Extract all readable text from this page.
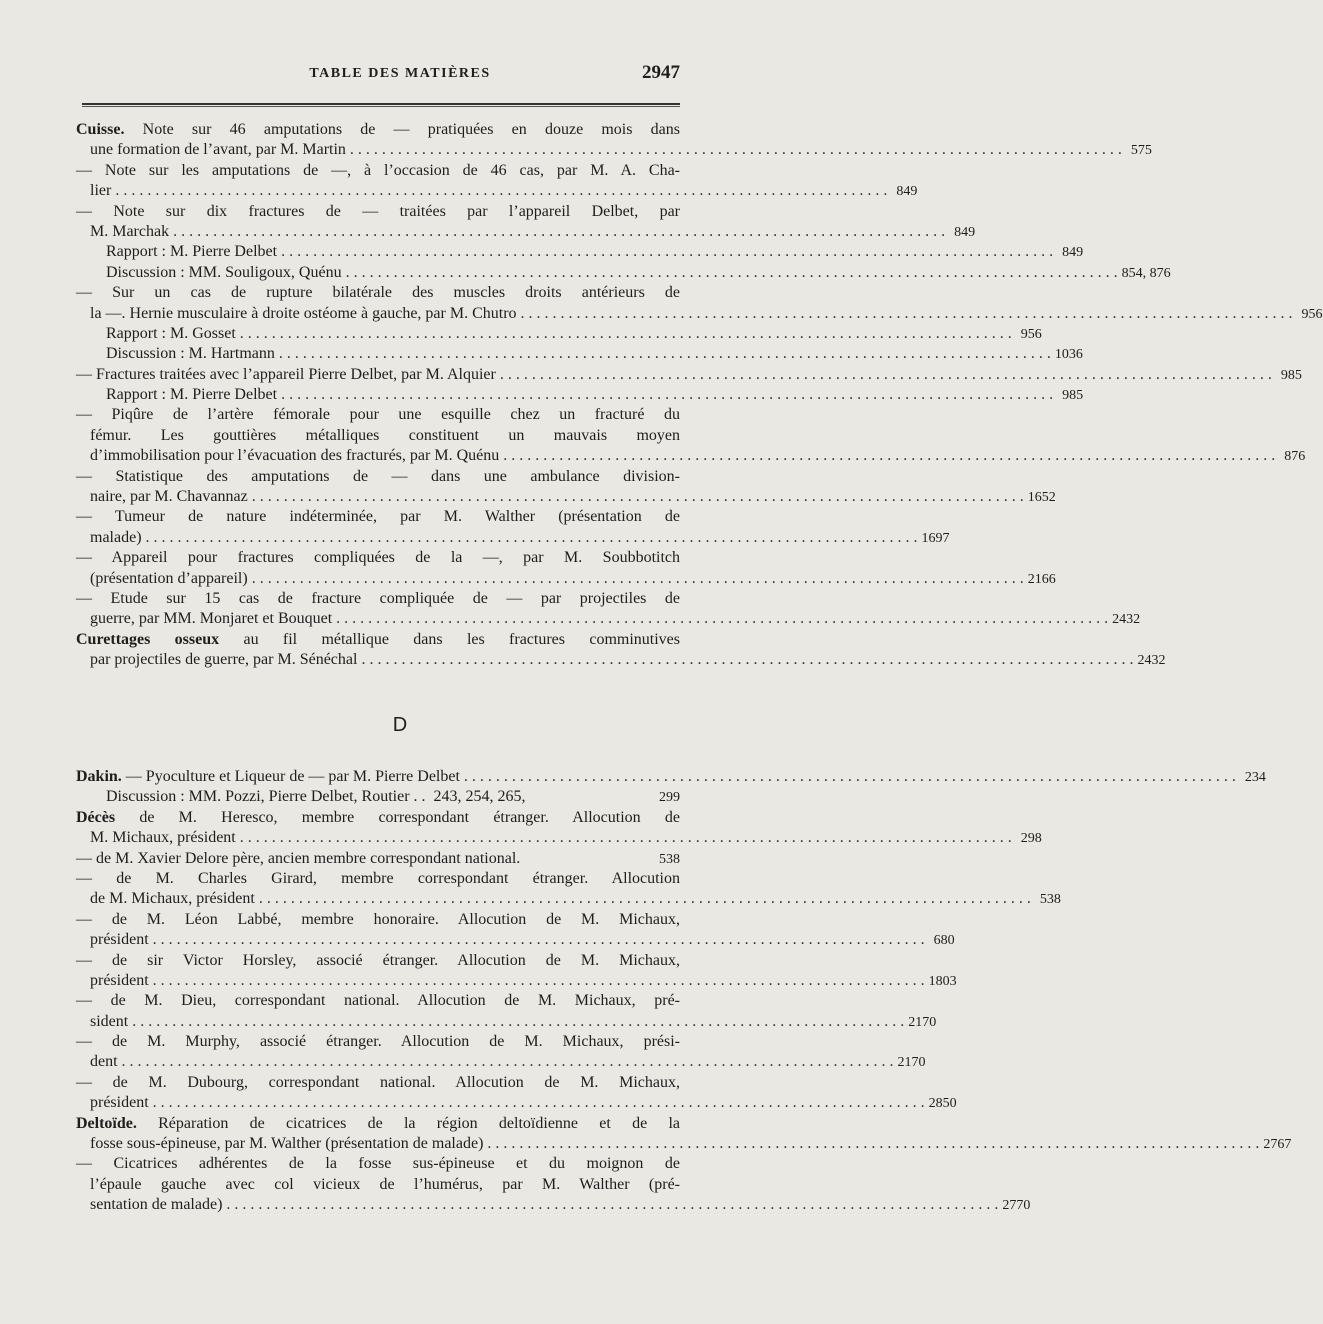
TABLE DES MATIÈRES	2947
Cuisse. Note sur 46 amputations de — pratiquées en douze mois dans
une formation de l’avant, par M. Martin . . .	575
— Note sur les amputations de —, à l’occasion de 46 cas, par M. A. Cha-
lier . . .	849
— Note sur dix fractures de — traitées par l’appareil Delbet, par
M. Marchak . . .	849
Rapport : M. Pierre Delbet . . .	849
Discussion : MM. Souligoux, Quénu . . .	854, 876
— Sur un cas de rupture bilatérale des muscles droits antérieurs de
la —. Hernie musculaire à droite ostéome à gauche, par M. Chutro . . .	956
Rapport : M. Gosset . . .	956
Discussion : M. Hartmann . . .	1036
— Fractures traitées avec l’appareil Pierre Delbet, par M. Alquier . . .	985
Rapport : M. Pierre Delbet . . .	985
— Piqûre de l’artère fémorale pour une esquille chez un fracturé du
fémur. Les gouttières métalliques constituent un mauvais moyen
d’immobilisation pour l’évacuation des fracturés, par M. Quénu . . .	876
— Statistique des amputations de — dans une ambulance division-
naire, par M. Chavannaz . . .	1652
— Tumeur de nature indéterminée, par M. Walther (présentation de
malade) . . .	1697
— Appareil pour fractures compliquées de la —, par M. Soubbotitch
(présentation d’appareil) . . .	2166
— Etude sur 15 cas de fracture compliquée de — par projectiles de
guerre, par MM. Monjaret et Bouquet . . .	2432
Curettages osseux au fil métallique dans les fractures comminutives
par projectiles de guerre, par M. Sénéchal . . .	2432
D
Dakin. — Pyoculture et Liqueur de — par M. Pierre Delbet . . .	234
Discussion : MM. Pozzi, Pierre Delbet, Routier . .  243, 254, 265,	299
Décès de M. Heresco, membre correspondant étranger. Allocution de
M. Michaux, président . . .	298
— de M. Xavier Delore père, ancien membre correspondant national.	538
— de M. Charles Girard, membre correspondant étranger. Allocution
de M. Michaux, président . . .	538
— de M. Léon Labbé, membre honoraire. Allocution de M. Michaux,
président . . .	680
— de sir Victor Horsley, associé étranger. Allocution de M. Michaux,
président . . .	1803
— de M. Dieu, correspondant national. Allocution de M. Michaux, pré-
sident . . .	2170
— de M. Murphy, associé étranger. Allocution de M. Michaux, prési-
dent . . .	2170
— de M. Dubourg, correspondant national. Allocution de M. Michaux,
président . . .	2850
Deltoïde. Réparation de cicatrices de la région deltoïdienne et de la
fosse sous-épineuse, par M. Walther (présentation de malade) . . .	2767
— Cicatrices adhérentes de la fosse sus-épineuse et du moignon de
l’épaule gauche avec col vicieux de l’humérus, par M. Walther (pré-
sentation de malade) . . .	2770
